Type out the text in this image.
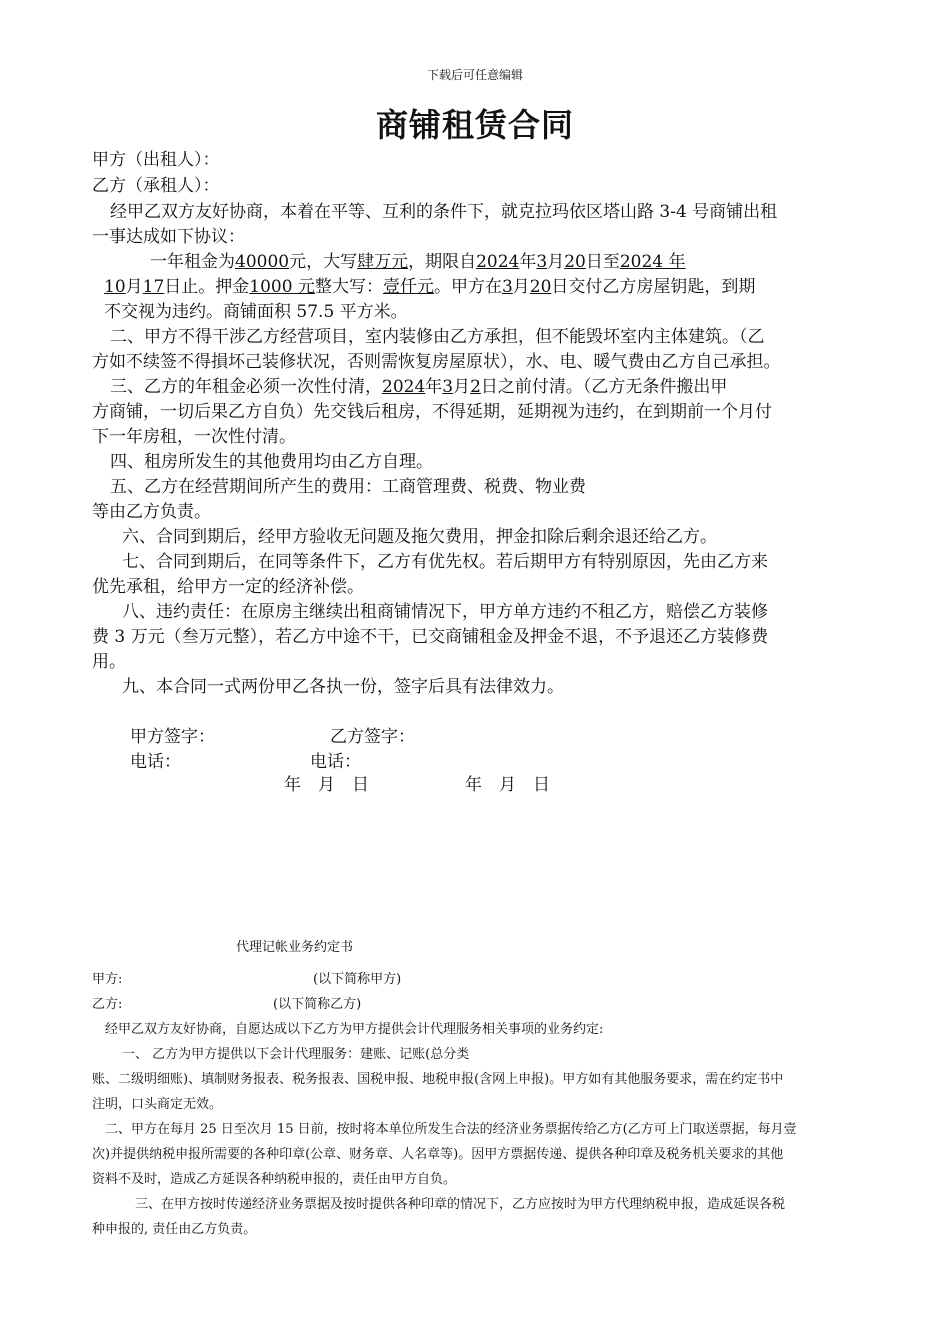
下载后可任意编辑
商铺租赁合同
甲方（出租人）：
乙方（承租人）：
经甲乙双方友好协商，本着在平等、互利的条件下，就克拉玛依区塔山路 3-4 号商铺出租
一事达成如下协议：
一年租金为40000元，大写肆万元，期限自2024年3月20日至2024 年
10月17日止。押金1000 元整大写：壹仟元。甲方在3月20日交付乙方房屋钥匙，到期
不交视为违约。商铺面积 57.5 平方米。
二、甲方不得干涉乙方经营项目，室内装修由乙方承担，但不能毁坏室内主体建筑。（乙
方如不续签不得損坏己装修状况，否则需恢复房屋原状），水、电、暖气费由乙方自己承担。
三、乙方的年租金必须一次性付清，2024年3月2日之前付清。（乙方无条件搬出甲
方商铺，一切后果乙方自负）先交钱后租房，不得延期，延期视为违约，在到期前一个月付
下一年房租，一次性付清。
四、租房所发生的其他费用均由乙方自理。
五、乙方在经营期间所产生的费用：工商管理费、税费、物业费
等由乙方负责。
六、合同到期后，经甲方验收无问题及拖欠费用，押金扣除后剩余退还给乙方。
七、合同到期后，在同等条件下，乙方有优先权。若后期甲方有特别原因，先由乙方来
优先承租，给甲方一定的经济补偿。
八、违约责任：在原房主继续出租商铺情况下，甲方单方违约不租乙方，赔偿乙方装修
费 3 万元（叁万元整），若乙方中途不干，已交商铺租金及押金不退，不予退还乙方装修费
用。
九、本合同一式两份甲乙各执一份，签字后具有法律效力。
甲方签字：	乙方签字：
电话：	电话：
年　月　日	年　月　日
代理记帐业务约定书
甲方:	(以下简称甲方)
乙方:	(以下简称乙方)
经甲乙双方友好协商，自愿达成以下乙方为甲方提供会计代理服务相关事项的业务约定:
一、 乙方为甲方提供以下会计代理服务：建账、记账(总分类
账、二级明细账)、填制财务报表、税务报表、国税申报、地税申报(含网上申报)。甲方如有其他服务要求，需在约定书中
注明，口头商定无效。
二、甲方在每月 25 日至次月 15 日前，按时将本单位所发生合法的经济业务票据传给乙方(乙方可上门取送票据，每月壹
次)并提供纳税申报所需要的各种印章(公章、财务章、人名章等)。因甲方票据传递、提供各种印章及税务机关要求的其他
资料不及时，造成乙方延误各种纳税申报的，责任由甲方自负。
三、在甲方按时传递经济业务票据及按时提供各种印章的情况下，乙方应按时为甲方代理纳税申报，造成延误各税
种申报的, 责任由乙方负责。
